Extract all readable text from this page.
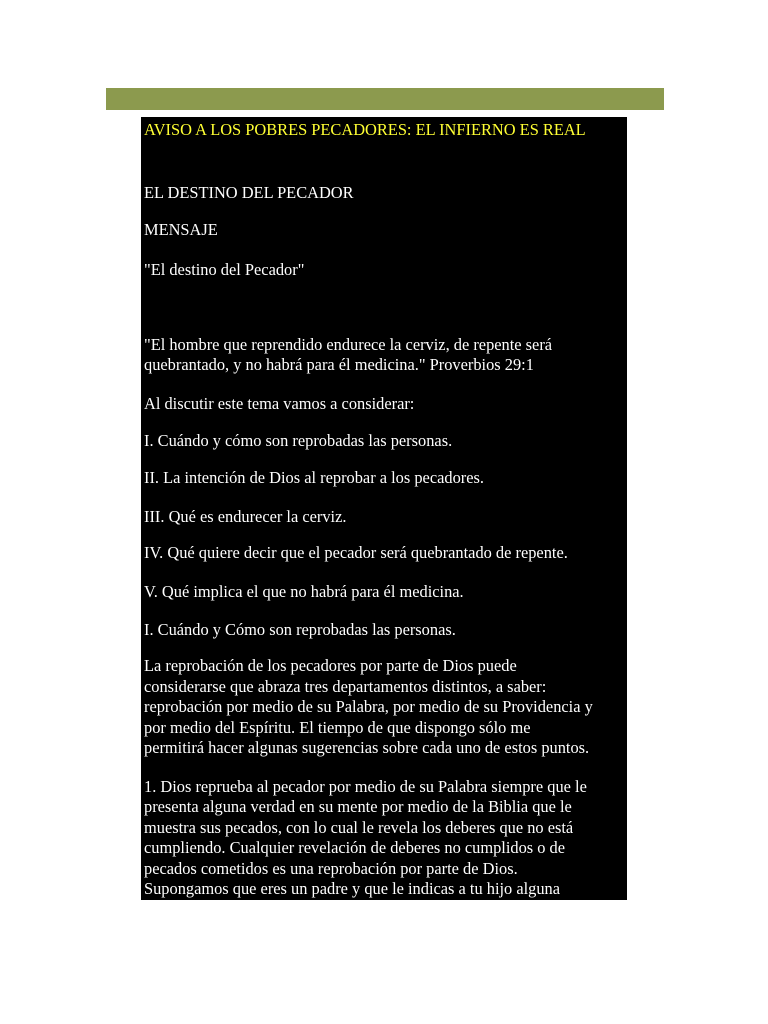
AVISO A LOS POBRES PECADORES: EL INFIERNO ES REAL

EL DESTINO DEL PECADOR

MENSAJE

"El destino del Pecador"

"El hombre que reprendido endurece la cerviz, de repente será

quebrantado, y no habrá para él medicina." Proverbios 29:1

Al discutir este tema vamos a considerar:

I. Cuándo y cómo son reprobadas las personas.

II. La intención de Dios al reprobar a los pecadores.

III. Qué es endurecer la cerviz.

IV. Qué quiere decir que el pecador será quebrantado de repente.

V. Qué implica el que no habrá para él medicina.

I. Cuándo y Cómo son reprobadas las personas.

La reprobación de los pecadores por parte de Dios puede

considerarse que abraza tres departamentos distintos, a saber:

reprobación por medio de su Palabra, por medio de su Providencia y

por medio del Espíritu. El tiempo de que dispongo sólo me

permitirá hacer algunas sugerencias sobre cada uno de estos puntos.

1. Dios reprueba al pecador por medio de su Palabra siempre que le

presenta alguna verdad en su mente por medio de la Biblia que le

muestra sus pecados, con lo cual le revela los deberes que no está

cumpliendo. Cualquier revelación de deberes no cumplidos o de

pecados cometidos es una reprobación por parte de Dios.

Supongamos que eres un padre y que le indicas a tu hijo alguna
